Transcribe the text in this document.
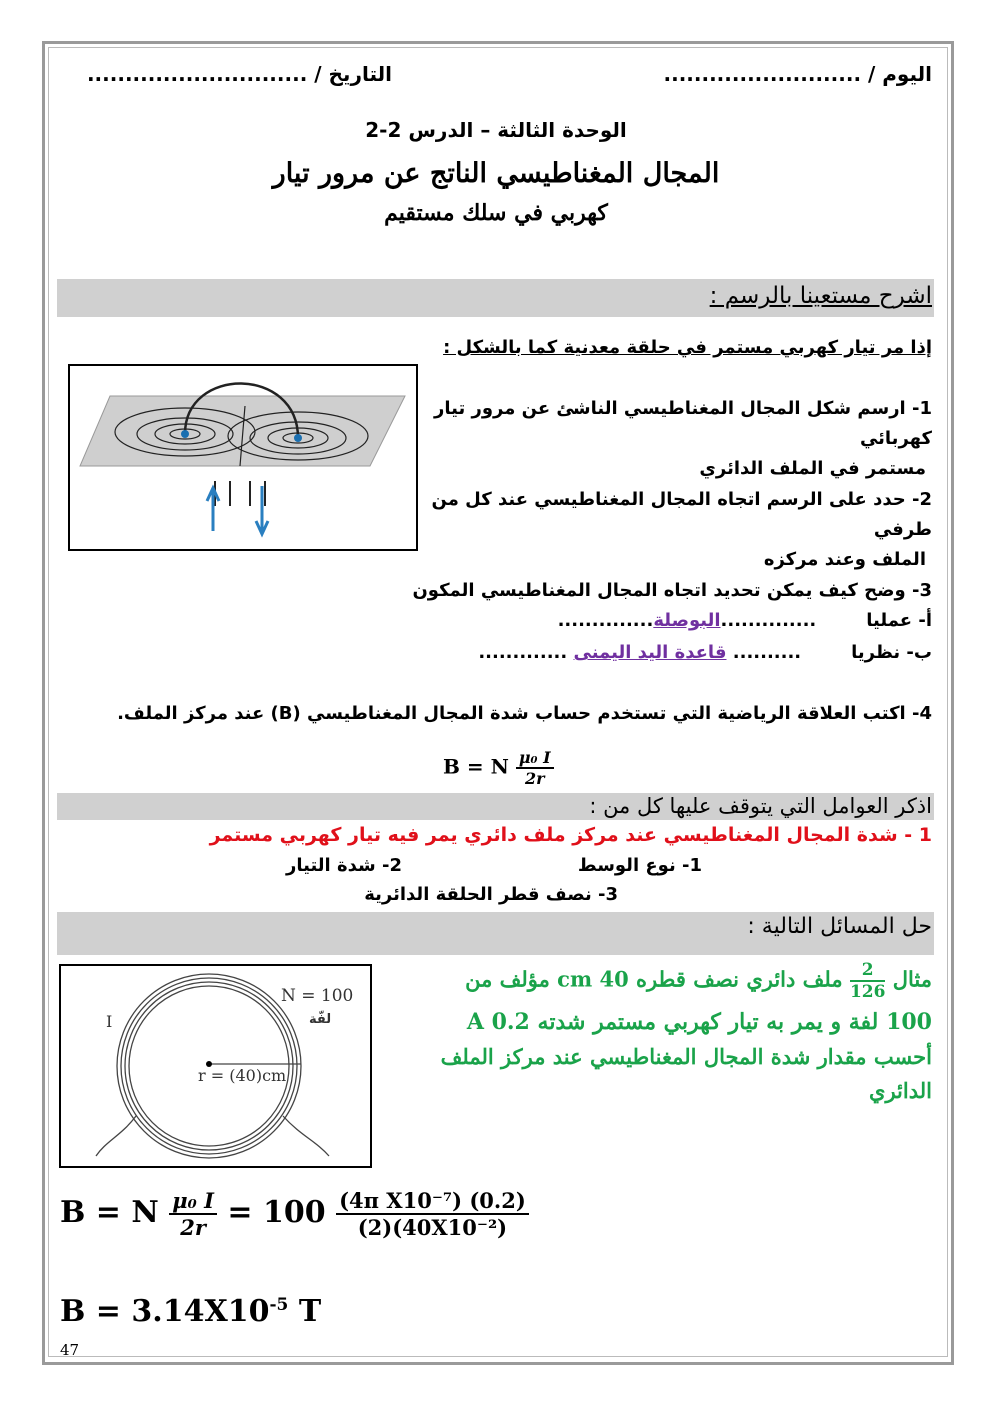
اليوم / ..........................
التاريخ / .............................
الوحدة الثالثة – الدرس 2-2
المجال المغناطيسي الناتج عن مرور تيار
كهربي في سلك مستقيم
اشرح مستعينا بالرسم :
إذا مر تيار كهربي مستمر في حلقة معدنية كما بالشكل :
1- ارسم شكل المجال المغناطيسي الناشئ عن مرور تيار
كهربائي
مستمر في الملف الدائري
2- حدد على الرسم اتجاه المجال المغناطيسي عند كل من
طرفي
الملف وعند مركزه
3- وضح كيف يمكن تحديد اتجاه المجال المغناطيسي المكون
أ- عمليا..............البوصلة..............
ب- نظريا.......... قاعدة اليد اليمنى .............
4- اكتب العلاقة الرياضية التي تستخدم حساب شدة المجال المغناطيسي (B) عند مركز الملف.
B = N $\frac{\text{μ₀ I}}{2r}$
اذكر العوامل التي يتوقف عليها كل من :
1 - شدة المجال المغناطيسي عند مركز ملف دائري يمر فيه تيار كهربي مستمر
1- نوع الوسط
2- شدة التيار
3- نصف قطر الحلقة الدائرية
حل المسائل التالية :
N = 100
لفّة
I
r = (40)cm
مثال
$\frac{2}{126}$
ملف دائري نصف قطره 40 cm مؤلف من
100 لفة و يمر به تيار كهربي مستمر شدته 0.2 A
أحسب مقدار شدة المجال المغناطيسي عند مركز الملف
الدائري
B = N $\frac{\text{μ₀ I}}{2r} = 100 \frac{\text{(4π X10⁻⁷) (0.2)}}{\text{(2)(40X10⁻²)}}$
$B = 3.14X10^{-5}$ T
47
